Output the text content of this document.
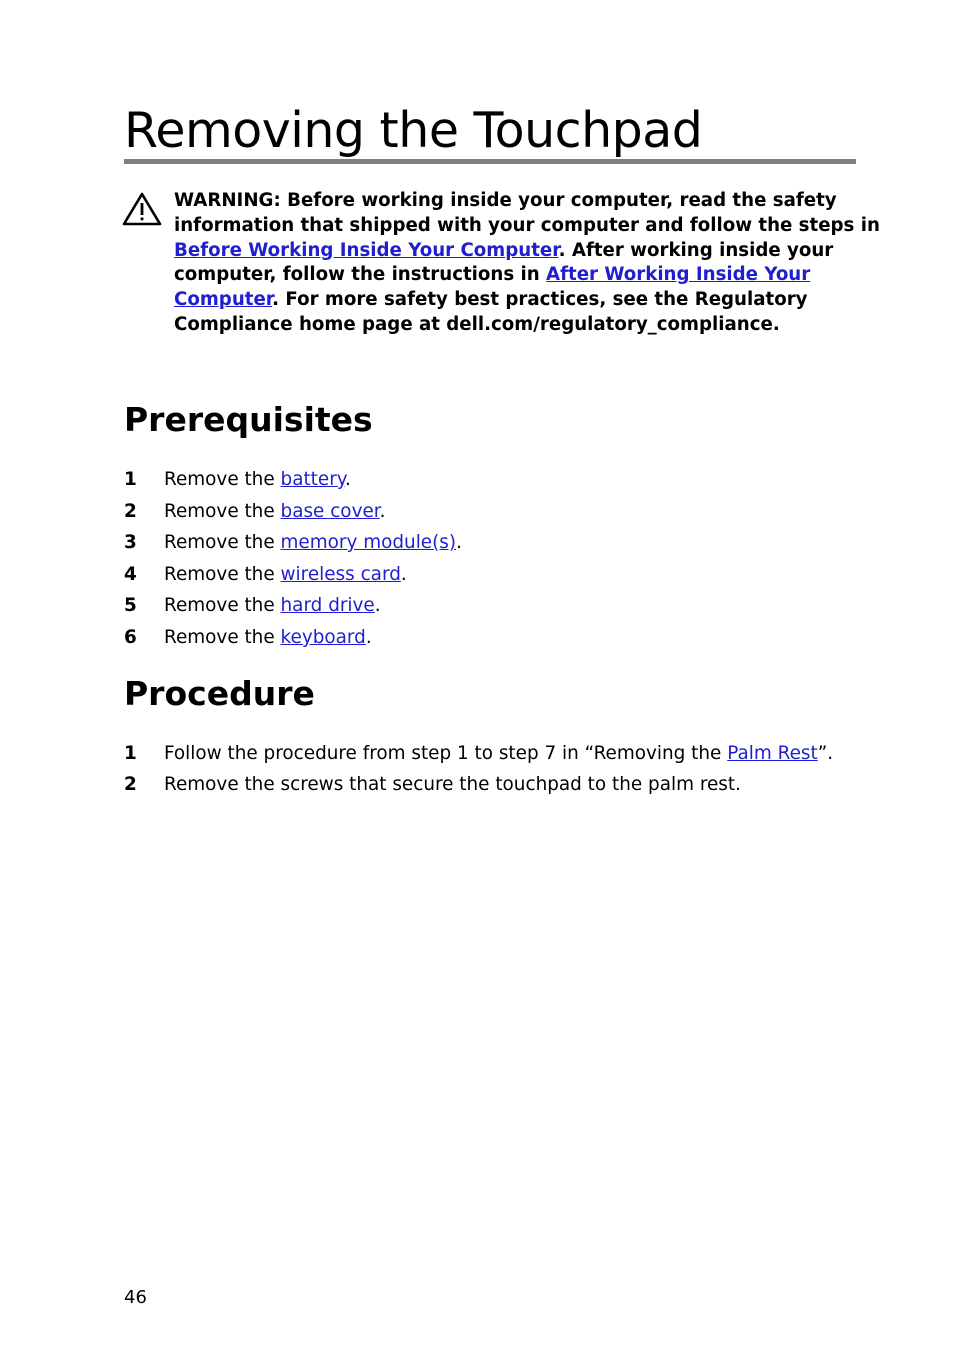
Removing the Touchpad
WARNING: Before working inside your computer, read the safety
information that shipped with your computer and follow the steps in
Before Working Inside Your Computer. After working inside your
computer, follow the instructions in After Working Inside Your
Computer. For more safety best practices, see the Regulatory
Compliance home page at dell.com/regulatory_compliance.
Prerequisites
1 Remove the battery.
2 Remove the base cover.
3 Remove the memory module(s).
4 Remove the wireless card.
5 Remove the hard drive.
6 Remove the keyboard.
Procedure
1 Follow the procedure from step 1 to step 7 in “Removing the Palm Rest”.
2 Remove the screws that secure the touchpad to the palm rest.
46
